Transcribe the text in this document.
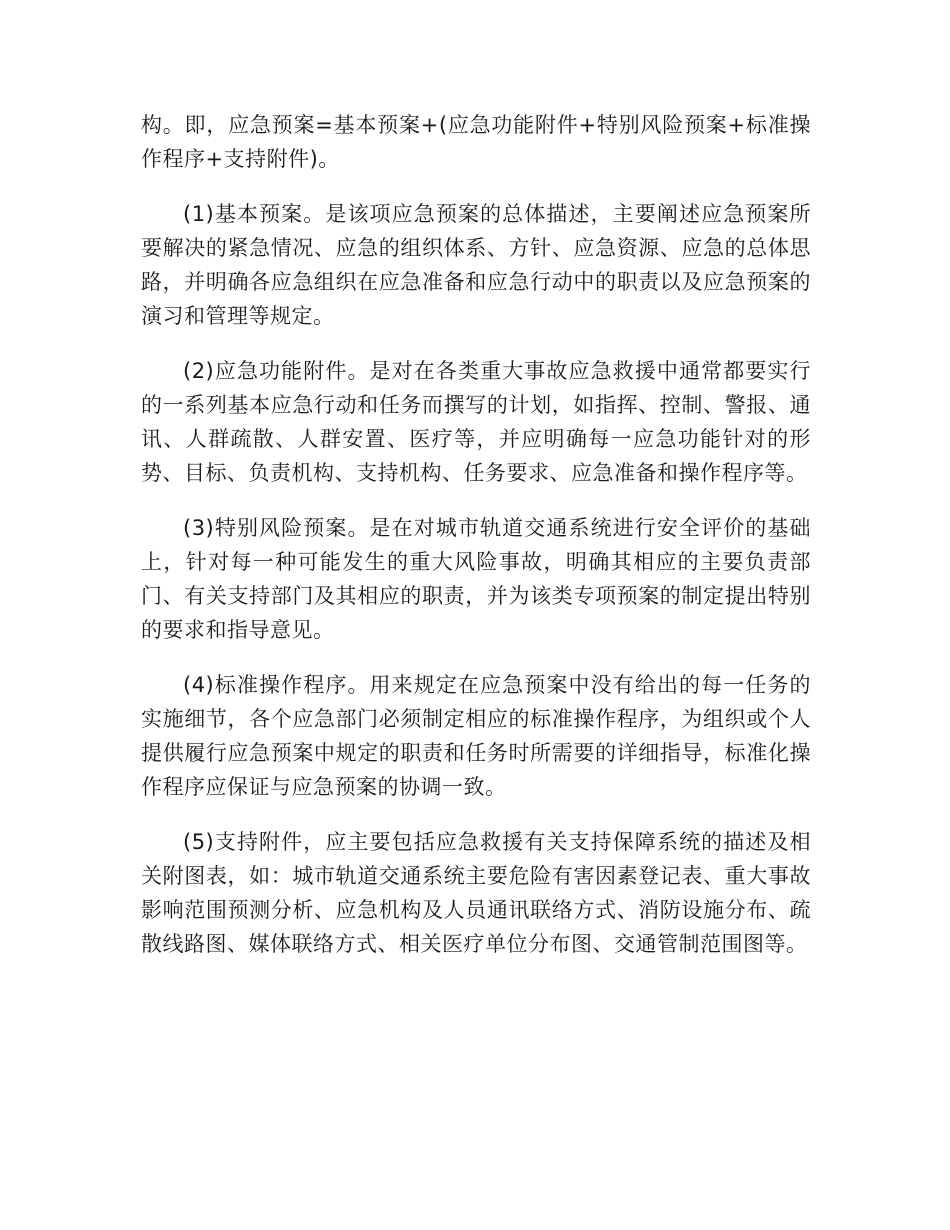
构。即，应急预案=基本预案+(应急功能附件+特别风险预案+标准操作程序+支持附件)。

(1)基本预案。是该项应急预案的总体描述，主要阐述应急预案所要解决的紧急情况、应急的组织体系、方针、应急资源、应急的总体思路，并明确各应急组织在应急准备和应急行动中的职责以及应急预案的演习和管理等规定。

(2)应急功能附件。是对在各类重大事故应急救援中通常都要实行的一系列基本应急行动和任务而撰写的计划，如指挥、控制、警报、通讯、人群疏散、人群安置、医疗等，并应明确每一应急功能针对的形势、目标、负责机构、支持机构、任务要求、应急准备和操作程序等。

(3)特别风险预案。是在对城市轨道交通系统进行安全评价的基础上，针对每一种可能发生的重大风险事故，明确其相应的主要负责部门、有关支持部门及其相应的职责，并为该类专项预案的制定提出特别的要求和指导意见。

(4)标准操作程序。用来规定在应急预案中没有给出的每一任务的实施细节，各个应急部门必须制定相应的标准操作程序，为组织或个人提供履行应急预案中规定的职责和任务时所需要的详细指导，标准化操作程序应保证与应急预案的协调一致。

(5)支持附件，应主要包括应急救援有关支持保障系统的描述及相关附图表，如：城市轨道交通系统主要危险有害因素登记表、重大事故影响范围预测分析、应急机构及人员通讯联络方式、消防设施分布、疏散线路图、媒体联络方式、相关医疗单位分布图、交通管制范围图等。
